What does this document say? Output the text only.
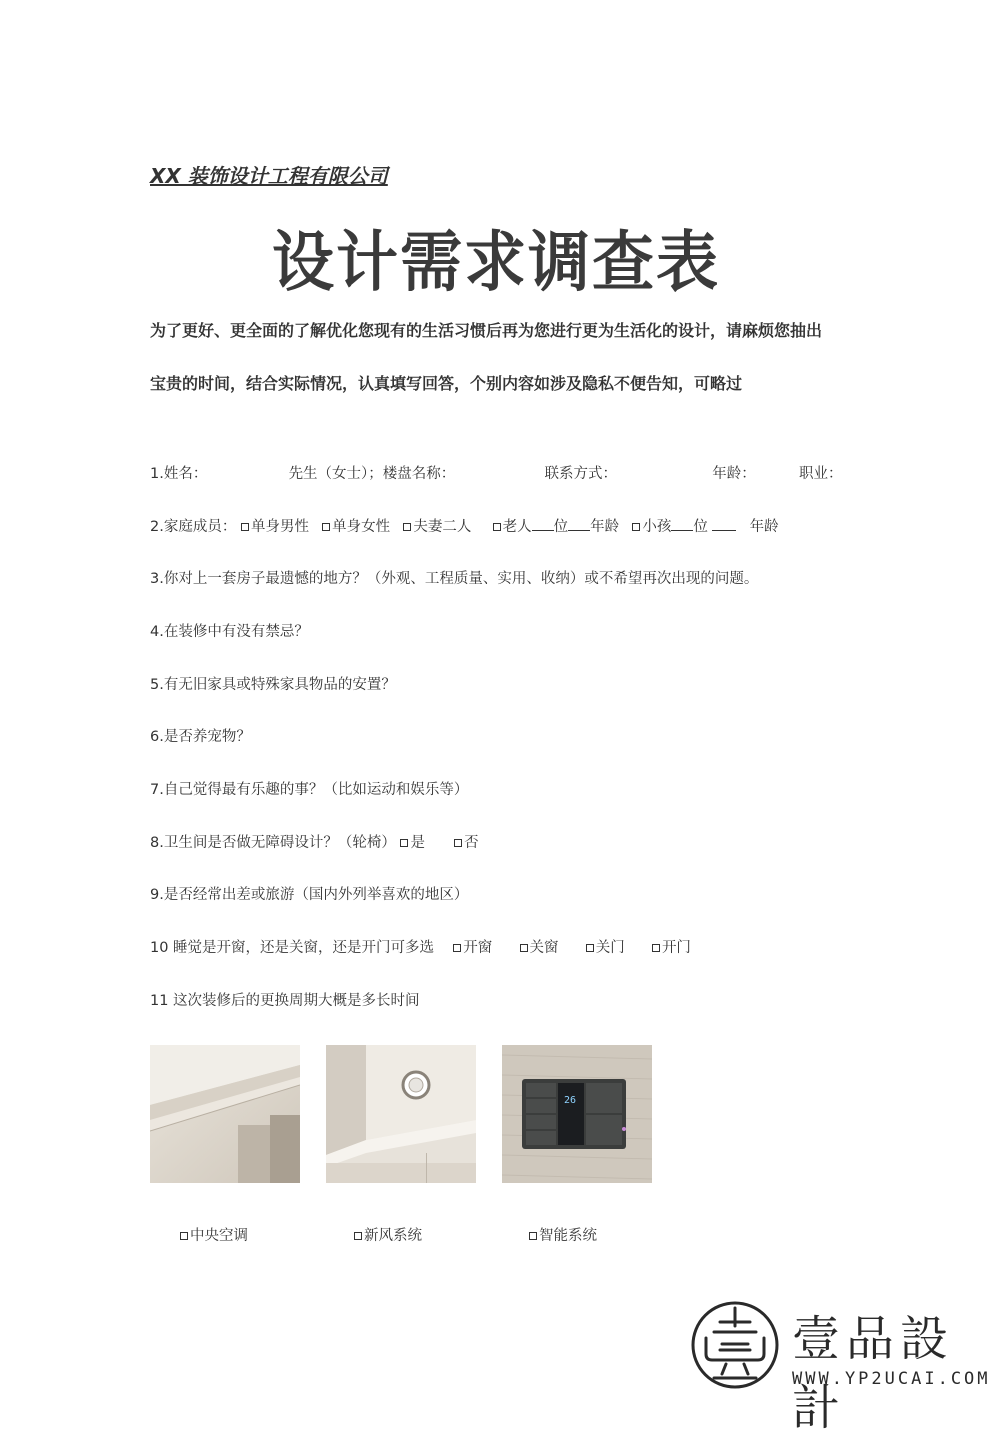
XX 装饰设计工程有限公司
设计需求调查表
为了更好、更全面的了解优化您现有的生活习惯后再为您进行更为生活化的设计，请麻烦您抽出
宝贵的时间，结合实际情况，认真填写回答，个别内容如涉及隐私不便告知，可略过
1.姓名：	先生（女士）；楼盘名称：	联系方式：	年龄：	职业：
2.家庭成员： 单身男性 单身女性 夫妻二人 老人 位 年龄 小孩 位	年龄
3.你对上一套房子最遗憾的地方？（外观、工程质量、实用、收纳）或不希望再次出现的问题。
4.在装修中有没有禁忌？
5.有无旧家具或特殊家具物品的安置？
6.是否养宠物？
7.自己觉得最有乐趣的事？（比如运动和娱乐等）
8.卫生间是否做无障碍设计？（轮椅） 是	否
9.是否经常出差或旅游（国内外列举喜欢的地区）
10 睡觉是开窗，还是关窗，还是开门可多选 开窗	关窗	关门	开门
11 这次装修后的更换周期大概是多长时间
26
中央空调	新风系统	智能系统
壹品設計
WWW.YP2UCAI.COM
